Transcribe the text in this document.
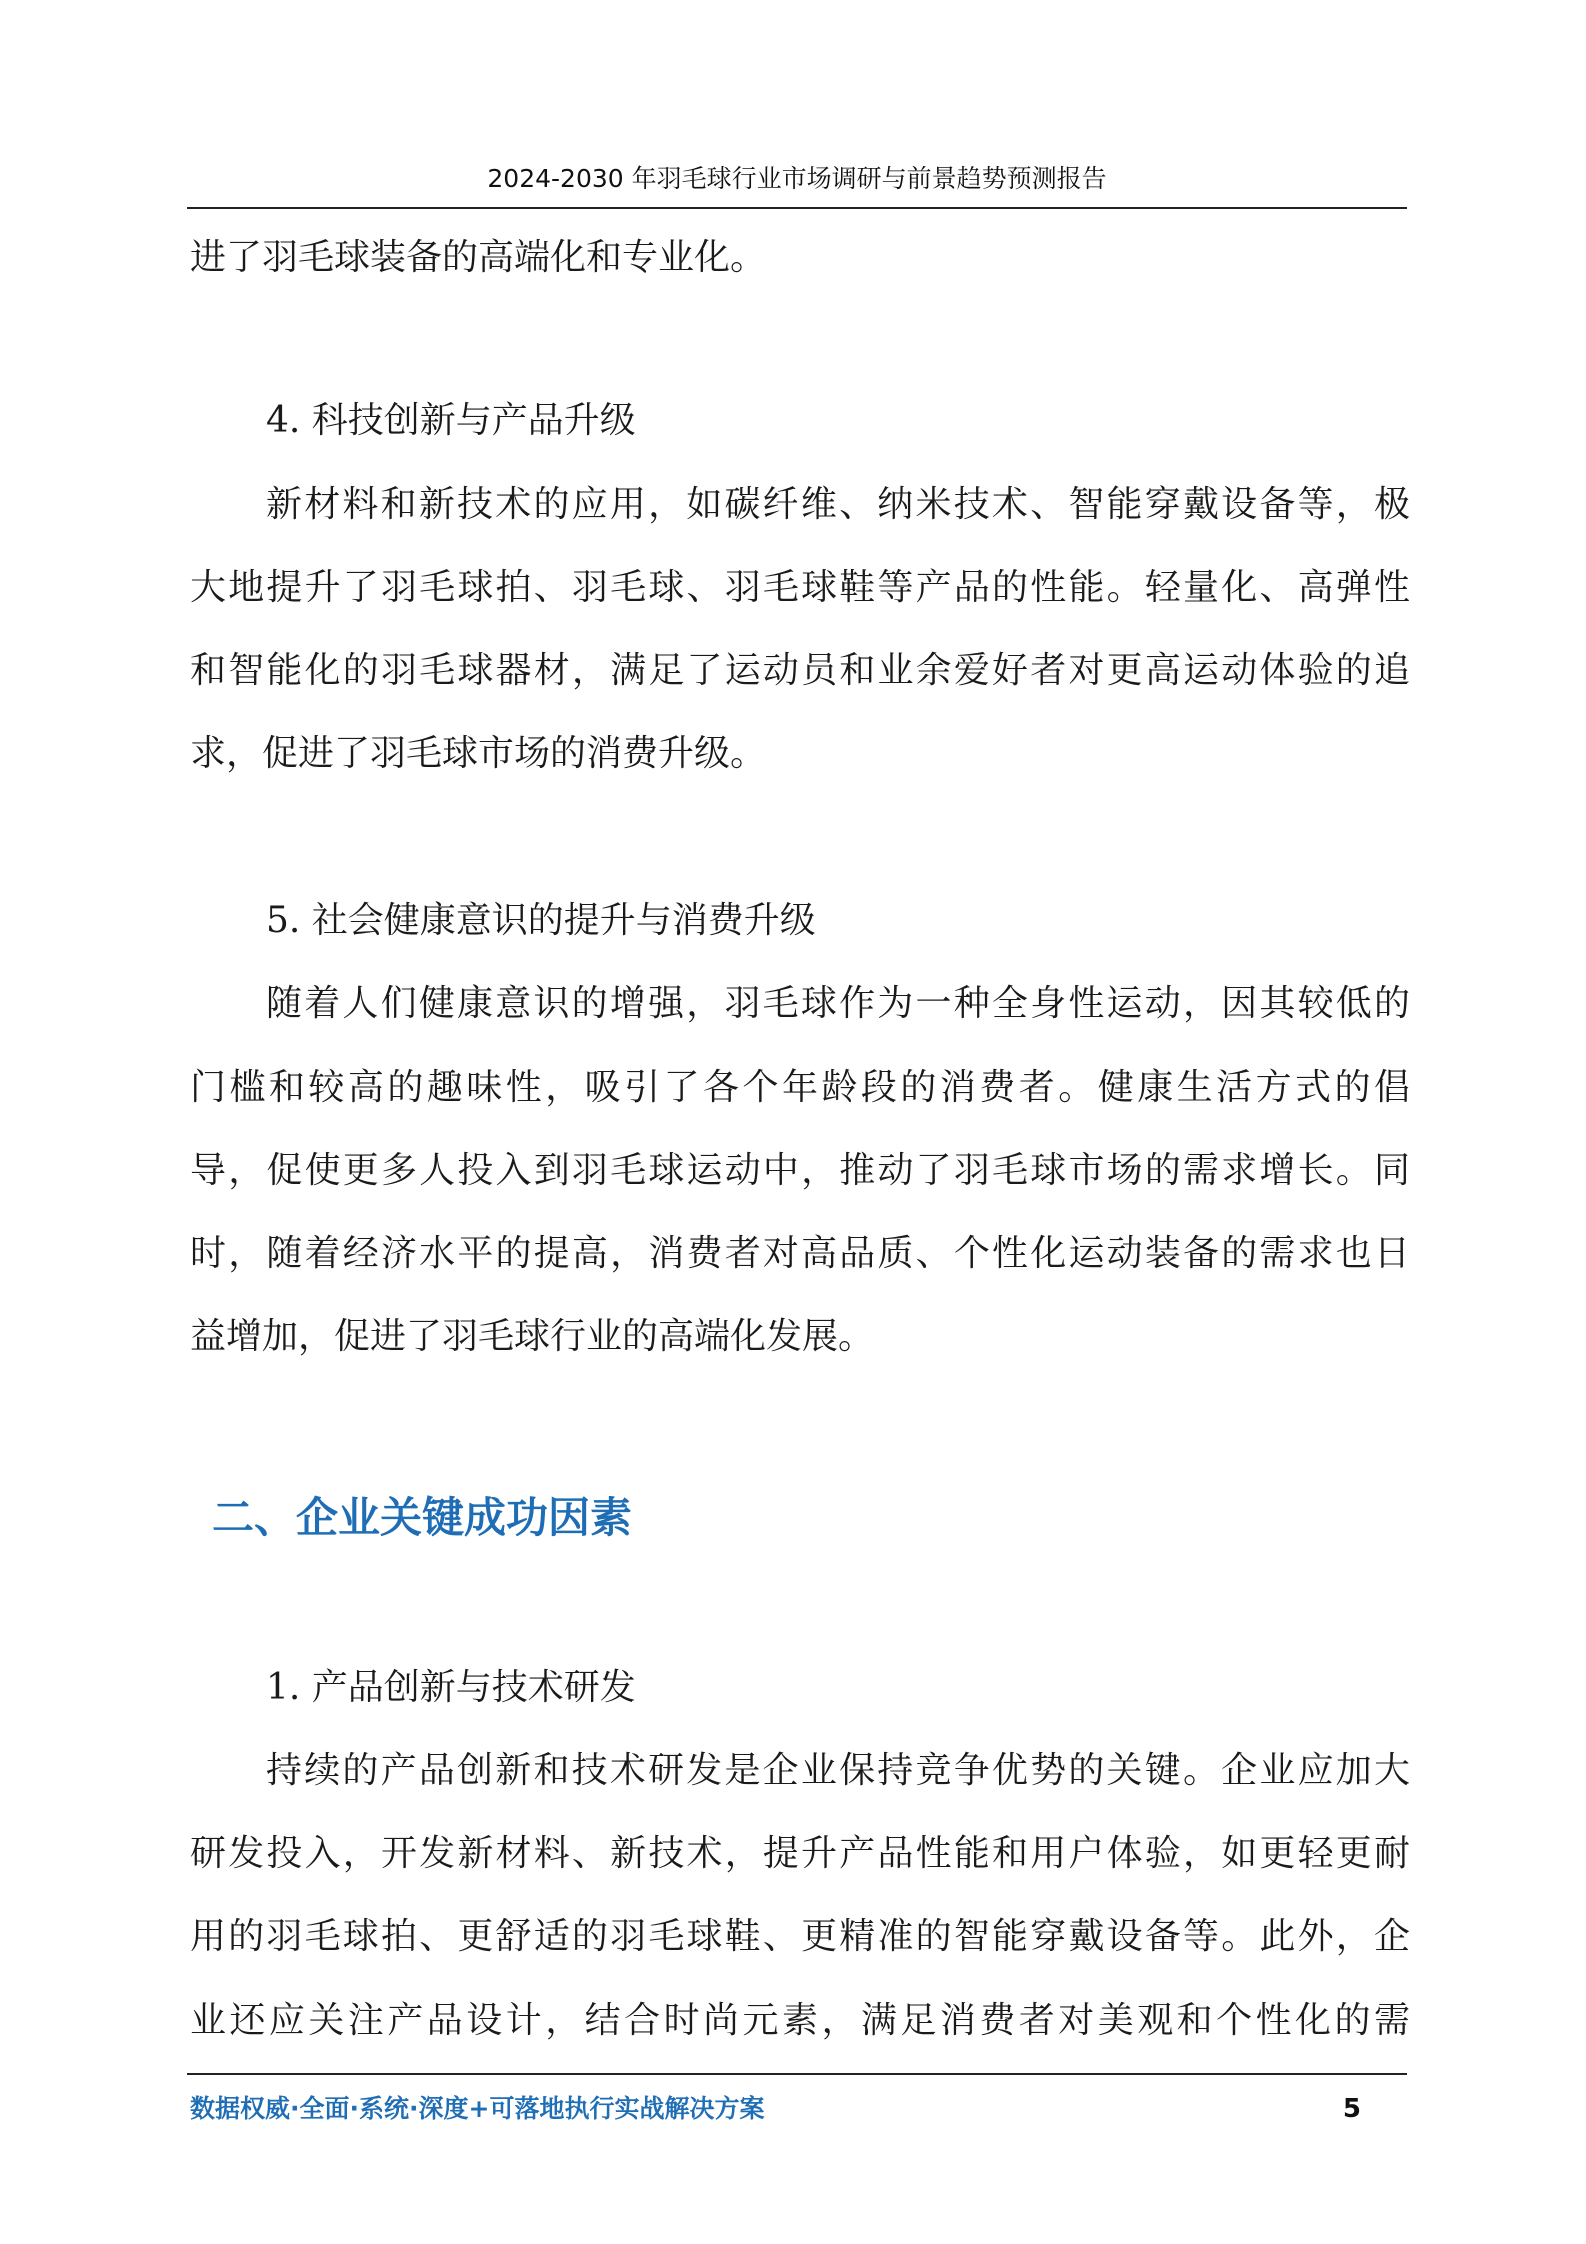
2024-2030 年羽毛球行业市场调研与前景趋势预测报告
进了羽毛球装备的高端化和专业化。
4. 科技创新与产品升级
新材料和新技术的应用，如碳纤维、纳米技术、智能穿戴设备等，极
大地提升了羽毛球拍、羽毛球、羽毛球鞋等产品的性能。轻量化、高弹性
和智能化的羽毛球器材，满足了运动员和业余爱好者对更高运动体验的追
求，促进了羽毛球市场的消费升级。
5. 社会健康意识的提升与消费升级
随着人们健康意识的增强，羽毛球作为一种全身性运动，因其较低的
门槛和较高的趣味性，吸引了各个年龄段的消费者。健康生活方式的倡
导，促使更多人投入到羽毛球运动中，推动了羽毛球市场的需求增长。同
时，随着经济水平的提高，消费者对高品质、个性化运动装备的需求也日
益增加，促进了羽毛球行业的高端化发展。
二、企业关键成功因素
1. 产品创新与技术研发
持续的产品创新和技术研发是企业保持竞争优势的关键。企业应加大
研发投入，开发新材料、新技术，提升产品性能和用户体验，如更轻更耐
用的羽毛球拍、更舒适的羽毛球鞋、更精准的智能穿戴设备等。此外，企
业还应关注产品设计，结合时尚元素，满足消费者对美观和个性化的需
数据权威·全面·系统·深度+可落地执行实战解决方案	5
